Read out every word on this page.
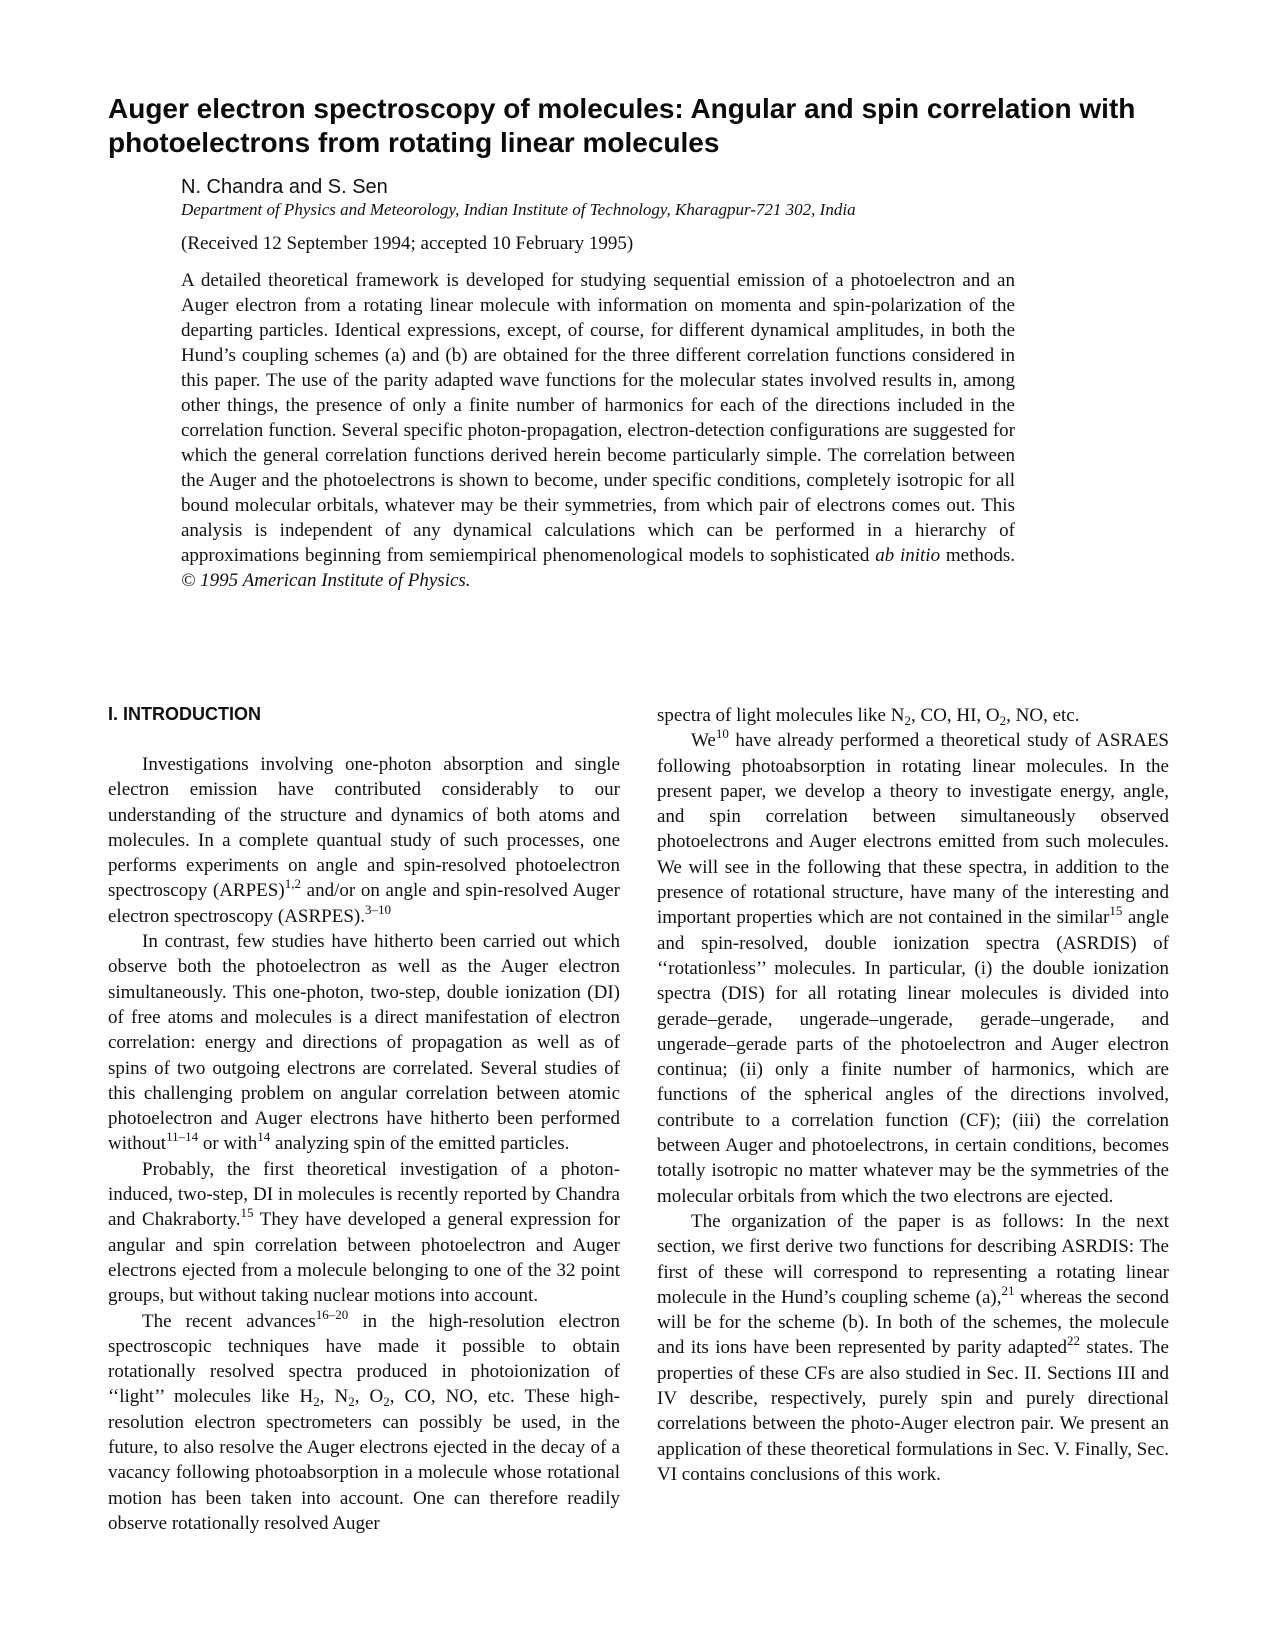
Auger electron spectroscopy of molecules: Angular and spin correlation with photoelectrons from rotating linear molecules
N. Chandra and S. Sen
Department of Physics and Meteorology, Indian Institute of Technology, Kharagpur-721 302, India
(Received 12 September 1994; accepted 10 February 1995)

A detailed theoretical framework is developed for studying sequential emission of a photoelectron and an Auger electron from a rotating linear molecule with information on momenta and spin-polarization of the departing particles. Identical expressions, except, of course, for different dynamical amplitudes, in both the Hund’s coupling schemes (a) and (b) are obtained for the three different correlation functions considered in this paper. The use of the parity adapted wave functions for the molecular states involved results in, among other things, the presence of only a finite number of harmonics for each of the directions included in the correlation function. Several specific photon-propagation, electron-detection configurations are suggested for which the general correlation functions derived herein become particularly simple. The correlation between the Auger and the photoelectrons is shown to become, under specific conditions, completely isotropic for all bound molecular orbitals, whatever may be their symmetries, from which pair of electrons comes out. This analysis is independent of any dynamical calculations which can be performed in a hierarchy of approximations beginning from semiempirical phenomenological models to sophisticated ab initio methods. © 1995 American Institute of Physics.

I. INTRODUCTION

Investigations involving one-photon absorption and single electron emission have contributed considerably to our understanding of the structure and dynamics of both atoms and molecules. In a complete quantual study of such processes, one performs experiments on angle and spin-resolved photoelectron spectroscopy (ARPES)$^{1,2}$ and/or on angle and spin-resolved Auger electron spectroscopy (ASRPES).$^{3-10}$

In contrast, few studies have hitherto been carried out which observe both the photoelectron as well as the Auger electron simultaneously. This one-photon, two-step, double ionization (DI) of free atoms and molecules is a direct manifestation of electron correlation: energy and directions of propagation as well as of spins of two outgoing electrons are correlated. Several studies of this challenging problem on angular correlation between atomic photoelectron and Auger electrons have hitherto been performed without$^{11-14}$ or with$^{14}$ analyzing spin of the emitted particles.

Probably, the first theoretical investigation of a photon-induced, two-step, DI in molecules is recently reported by Chandra and Chakraborty.$^{15}$ They have developed a general expression for angular and spin correlation between photoelectron and Auger electrons ejected from a molecule belonging to one of the 32 point groups, but without taking nuclear motions into account.

The recent advances$^{16-20}$ in the high-resolution electron spectroscopic techniques have made it possible to obtain rotationally resolved spectra produced in photoionization of ‘‘light’’ molecules like $H_2$, $N_2$, $O_2$, CO, NO, etc. These high-resolution electron spectrometers can possibly be used, in the future, to also resolve the Auger electrons ejected in the decay of a vacancy following photoabsorption in a molecule whose rotational motion has been taken into account. One can therefore readily observe rotationally resolved Auger

spectra of light molecules like $N_2$, CO, HI, $O_2$, NO, etc.

We$^{10}$ have already performed a theoretical study of ASRAES following photoabsorption in rotating linear molecules. In the present paper, we develop a theory to investigate energy, angle, and spin correlation between simultaneously observed photoelectrons and Auger electrons emitted from such molecules. We will see in the following that these spectra, in addition to the presence of rotational structure, have many of the interesting and important properties which are not contained in the similar$^{15}$ angle and spin-resolved, double ionization spectra (ASRDIS) of ‘‘rotationless’’ molecules. In particular, (i) the double ionization spectra (DIS) for all rotating linear molecules is divided into gerade–gerade, ungerade–ungerade, gerade–ungerade, and ungerade–gerade parts of the photoelectron and Auger electron continua; (ii) only a finite number of harmonics, which are functions of the spherical angles of the directions involved, contribute to a correlation function (CF); (iii) the correlation between Auger and photoelectrons, in certain conditions, becomes totally isotropic no matter whatever may be the symmetries of the molecular orbitals from which the two electrons are ejected.

The organization of the paper is as follows: In the next section, we first derive two functions for describing ASRDIS: The first of these will correspond to representing a rotating linear molecule in the Hund’s coupling scheme (a),$^{21}$ whereas the second will be for the scheme (b). In both of the schemes, the molecule and its ions have been represented by parity adapted$^{22}$ states. The properties of these CFs are also studied in Sec. II. Sections III and IV describe, respectively, purely spin and purely directional correlations between the photo-Auger electron pair. We present an application of these theoretical formulations in Sec. V. Finally, Sec. VI contains conclusions of this work.
